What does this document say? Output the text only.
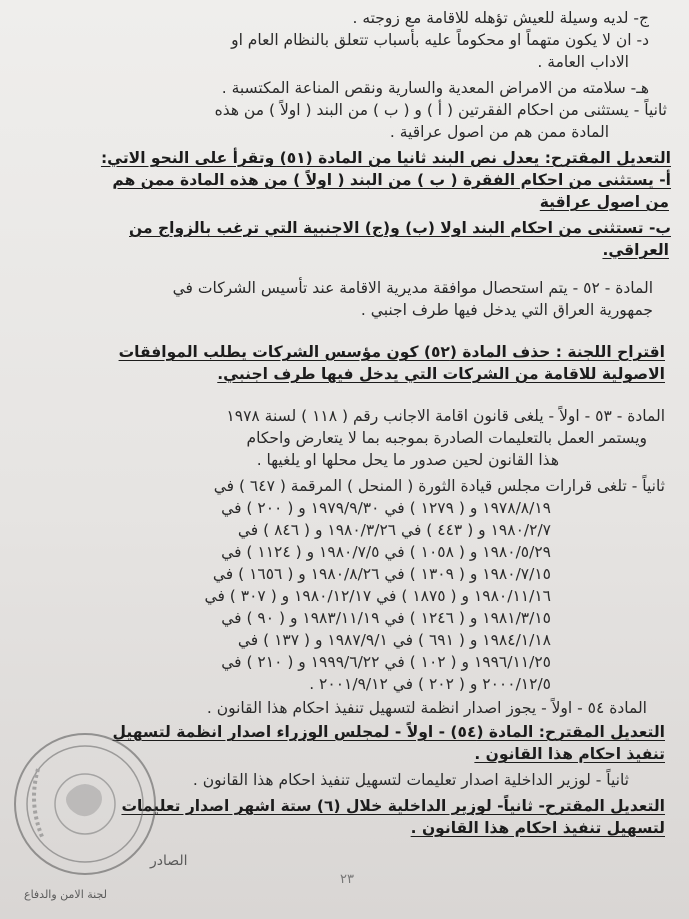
ج- لديه وسيلة للعيش تؤهله للاقامة مع زوجته .
د- ان لا يكون متهماً او محكوماً عليه بأسباب تتعلق بالنظام العام او
الاداب العامة .
هـ- سلامته من الامراض المعدية والسارية ونقص المناعة المكتسبة .
ثانياً - يستثنى من احكام الفقرتين ( أ ) و ( ب ) من البند ( اولاً ) من هذه
المادة ممن هم من اصول عراقية .
التعديل المقترح: يعدل نص البند ثانيا من المادة (٥١) وتقرأ على النحو الاتي:
أ- يستثنى من احكام الفقرة ( ب ) من البند ( اولاً ) من هذه المادة ممن هم
من اصول عراقية
ب- تستثنى من احكام البند اولا (ب) و(ج) الاجنبية التي ترغب بالزواج من
العراقي.
المادة - ٥٢ - يتم استحصال موافقة مديرية الاقامة عند تأسيس الشركات في
جمهورية العراق التي يدخل فيها طرف اجنبي .
اقتراح اللجنة : حذف المادة (٥٢) كون مؤسس الشركات يطلب الموافقات
الاصولية للاقامة من الشركات التي يدخل فيها طرف اجنبي.
المادة - ٥٣ - اولاً - يلغى قانون اقامة الاجانب رقم ( ١١٨ ) لسنة ١٩٧٨
ويستمر العمل بالتعليمات الصادرة بموجبه بما لا يتعارض واحكام
هذا القانون لحين صدور ما يحل محلها او يلغيها .
ثانياً - تلغى قرارات مجلس قيادة الثورة ( المنحل ) المرقمة ( ٦٤٧ ) في
١٩٧٨/٨/١٩ و ( ١٢٧٩ ) في ١٩٧٩/٩/٣٠ و ( ٢٠٠ ) في
١٩٨٠/٢/٧ و ( ٤٤٣ ) في ١٩٨٠/٣/٢٦ و ( ٨٤٦ ) في
١٩٨٠/٥/٢٩ و ( ١٠٥٨ ) في ١٩٨٠/٧/٥ و ( ١١٢٤ ) في
١٩٨٠/٧/١٥ و ( ١٣٠٩ ) في ١٩٨٠/٨/٢٦ و ( ١٦٥٦ ) في
١٩٨٠/١١/١٦ و ( ١٨٧٥ ) في ١٩٨٠/١٢/١٧ و ( ٣٠٧ ) في
١٩٨١/٣/١٥ و ( ١٢٤٦ ) في ١٩٨٣/١١/١٩ و ( ٩٠ ) في
١٩٨٤/١/١٨ و ( ٦٩١ ) في ١٩٨٧/٩/١ و ( ١٣٧ ) في
١٩٩٦/١١/٢٥ و ( ١٠٢ ) في ١٩٩٩/٦/٢٢ و ( ٢١٠ ) في
٢٠٠٠/١٢/٥ و ( ٢٠٢ ) في ٢٠٠١/٩/١٢ .
المادة ٥٤ - اولاً - يجوز اصدار انظمة لتسهيل تنفيذ احكام هذا القانون .
التعديل المقترح: المادة (٥٤) - اولاً - لمجلس الوزراء اصدار انظمة لتسهيل
تنفيذ احكام هذا القانون .
ثانياً - لوزير الداخلية اصدار تعليمات لتسهيل تنفيذ احكام هذا القانون .
التعديل المقترح- ثانياً- لوزير الداخلية خلال (٦) ستة اشهر اصدار تعليمات
لتسهيل تنفيذ احكام هذا القانون .
الصادر
لجنة الامن والدفاع
٢٣
